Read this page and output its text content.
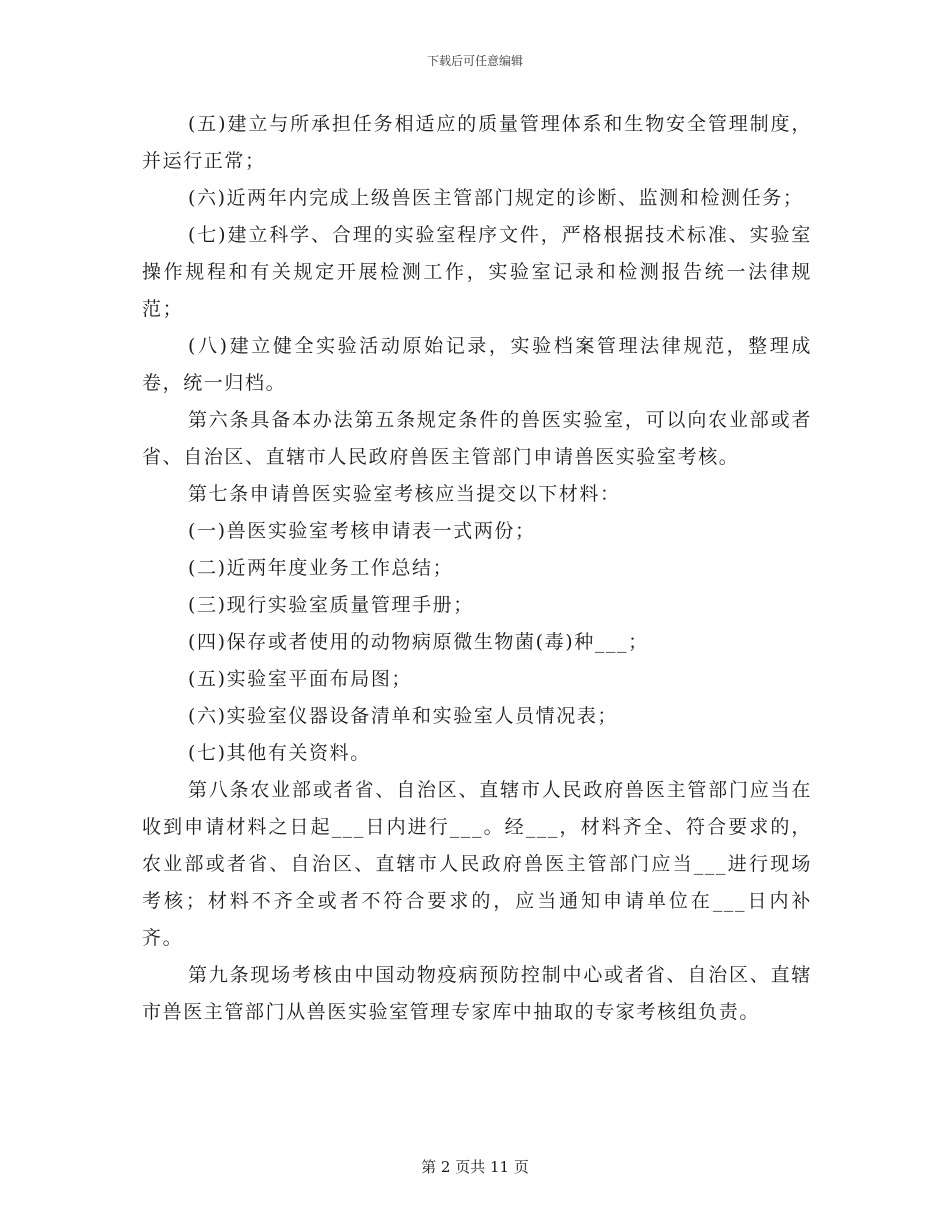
下载后可任意编辑

(五)建立与所承担任务相适应的质量管理体系和生物安全管理制度，并运行正常；

(六)近两年内完成上级兽医主管部门规定的诊断、监测和检测任务；

(七)建立科学、合理的实验室程序文件，严格根据技术标准、实验室操作规程和有关规定开展检测工作，实验室记录和检测报告统一法律规范；

(八)建立健全实验活动原始记录，实验档案管理法律规范，整理成卷，统一归档。

第六条具备本办法第五条规定条件的兽医实验室，可以向农业部或者省、自治区、直辖市人民政府兽医主管部门申请兽医实验室考核。

第七条申请兽医实验室考核应当提交以下材料：

(一)兽医实验室考核申请表一式两份；

(二)近两年度业务工作总结；

(三)现行实验室质量管理手册；

(四)保存或者使用的动物病原微生物菌(毒)种___；

(五)实验室平面布局图；

(六)实验室仪器设备清单和实验室人员情况表；

(七)其他有关资料。

第八条农业部或者省、自治区、直辖市人民政府兽医主管部门应当在收到申请材料之日起___日内进行___。经___，材料齐全、符合要求的，农业部或者省、自治区、直辖市人民政府兽医主管部门应当___进行现场考核；材料不齐全或者不符合要求的，应当通知申请单位在___日内补齐。

第九条现场考核由中国动物疫病预防控制中心或者省、自治区、直辖市兽医主管部门从兽医实验室管理专家库中抽取的专家考核组负责。

第 2 页共 11 页
